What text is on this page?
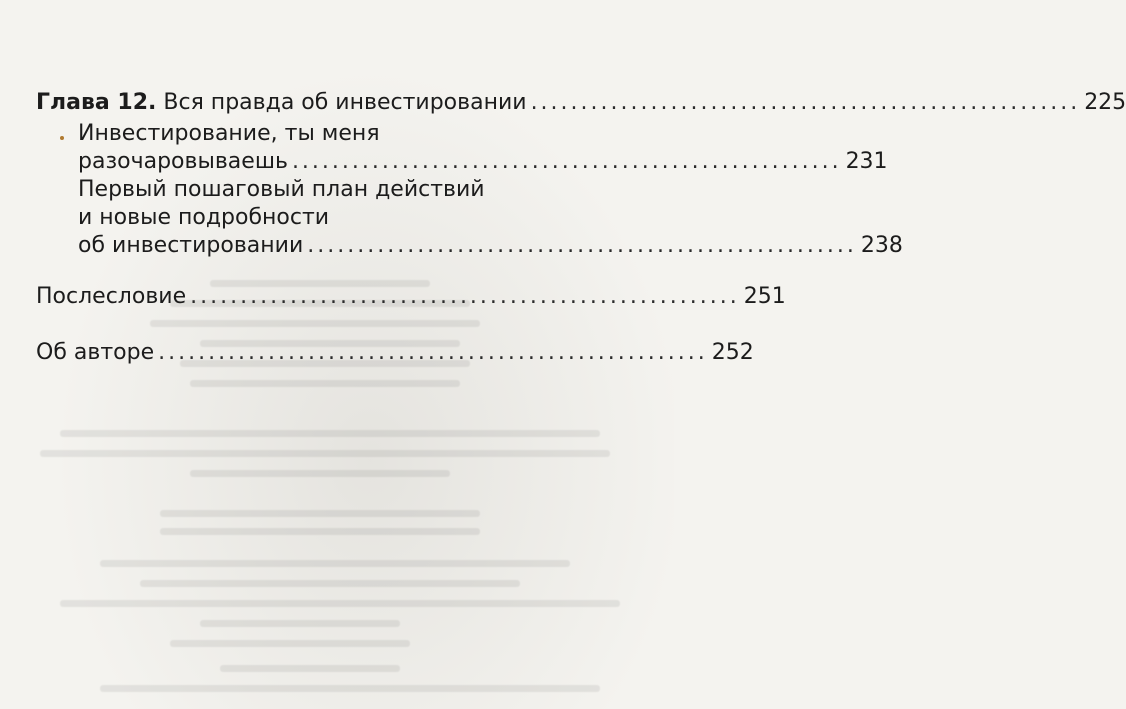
Глава 12. Вся правда об инвестировании ....................................................... 225
Инвестирование, ты меня
разочаровываешь ....................................................... 231
Первый пошаговый план действий
и новые подробности
об инвестировании ....................................................... 238
Послесловие ....................................................... 251
Об авторе ....................................................... 252
